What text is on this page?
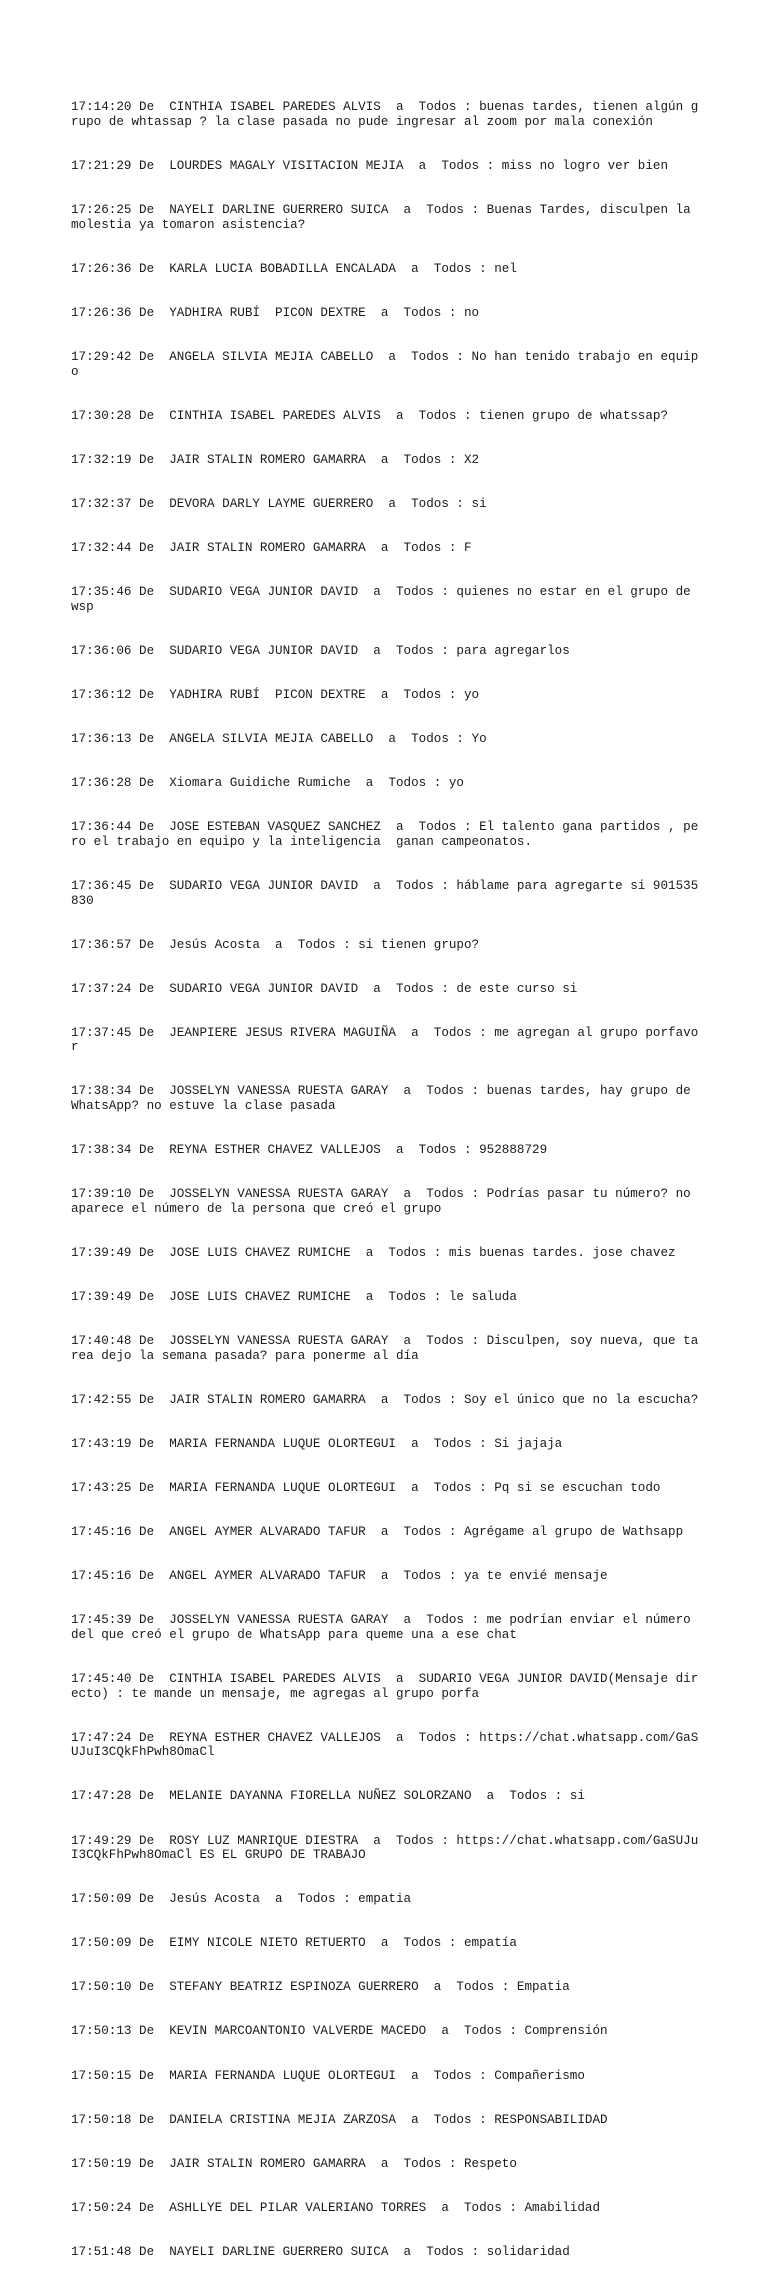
17:14:20 De  CINTHIA ISABEL PAREDES ALVIS  a  Todos : buenas tardes, tienen algún grupo de whtassap ? la clase pasada no pude ingresar al zoom por mala conexión

17:21:29 De  LOURDES MAGALY VISITACION MEJIA  a  Todos : miss no logro ver bien

17:26:25 De  NAYELI DARLINE GUERRERO SUICA  a  Todos : Buenas Tardes, disculpen la molestia ya tomaron asistencia?

17:26:36 De  KARLA LUCIA BOBADILLA ENCALADA  a  Todos : nel

17:26:36 De  YADHIRA RUBÍ  PICON DEXTRE  a  Todos : no

17:29:42 De  ANGELA SILVIA MEJIA CABELLO  a  Todos : No han tenido trabajo en equipo

17:30:28 De  CINTHIA ISABEL PAREDES ALVIS  a  Todos : tienen grupo de whatssap?

17:32:19 De  JAIR STALIN ROMERO GAMARRA  a  Todos : X2

17:32:37 De  DEVORA DARLY LAYME GUERRERO  a  Todos : si

17:32:44 De  JAIR STALIN ROMERO GAMARRA  a  Todos : F

17:35:46 De  SUDARIO VEGA JUNIOR DAVID  a  Todos : quienes no estar en el grupo de wsp

17:36:06 De  SUDARIO VEGA JUNIOR DAVID  a  Todos : para agregarlos

17:36:12 De  YADHIRA RUBÍ  PICON DEXTRE  a  Todos : yo

17:36:13 De  ANGELA SILVIA MEJIA CABELLO  a  Todos : Yo

17:36:28 De  Xiomara Guidiche Rumiche  a  Todos : yo

17:36:44 De  JOSE ESTEBAN VASQUEZ SANCHEZ  a  Todos : El talento gana partidos , pero el trabajo en equipo y la inteligencia  ganan campeonatos.

17:36:45 De  SUDARIO VEGA JUNIOR DAVID  a  Todos : háblame para agregarte si 901535830

17:36:57 De  Jesús Acosta  a  Todos : si tienen grupo?

17:37:24 De  SUDARIO VEGA JUNIOR DAVID  a  Todos : de este curso si

17:37:45 De  JEANPIERE JESUS RIVERA MAGUIÑA  a  Todos : me agregan al grupo porfavor

17:38:34 De  JOSSELYN VANESSA RUESTA GARAY  a  Todos : buenas tardes, hay grupo de WhatsApp? no estuve la clase pasada

17:38:34 De  REYNA ESTHER CHAVEZ VALLEJOS  a  Todos : 952888729

17:39:10 De  JOSSELYN VANESSA RUESTA GARAY  a  Todos : Podrías pasar tu número? no aparece el número de la persona que creó el grupo

17:39:49 De  JOSE LUIS CHAVEZ RUMICHE  a  Todos : mis buenas tardes. jose chavez

17:39:49 De  JOSE LUIS CHAVEZ RUMICHE  a  Todos : le saluda

17:40:48 De  JOSSELYN VANESSA RUESTA GARAY  a  Todos : Disculpen, soy nueva, que tarea dejo la semana pasada? para ponerme al día

17:42:55 De  JAIR STALIN ROMERO GAMARRA  a  Todos : Soy el único que no la escucha?

17:43:19 De  MARIA FERNANDA LUQUE OLORTEGUI  a  Todos : Si jajaja

17:43:25 De  MARIA FERNANDA LUQUE OLORTEGUI  a  Todos : Pq si se escuchan todo

17:45:16 De  ANGEL AYMER ALVARADO TAFUR  a  Todos : Agrégame al grupo de Wathsapp

17:45:16 De  ANGEL AYMER ALVARADO TAFUR  a  Todos : ya te envié mensaje

17:45:39 De  JOSSELYN VANESSA RUESTA GARAY  a  Todos : me podrían enviar el número del que creó el grupo de WhatsApp para queme una a ese chat

17:45:40 De  CINTHIA ISABEL PAREDES ALVIS  a  SUDARIO VEGA JUNIOR DAVID(Mensaje directo) : te mande un mensaje, me agregas al grupo porfa

17:47:24 De  REYNA ESTHER CHAVEZ VALLEJOS  a  Todos : https://chat.whatsapp.com/GaSUJuI3CQkFhPwh8OmaCl

17:47:28 De  MELANIE DAYANNA FIORELLA NUÑEZ SOLORZANO  a  Todos : si

17:49:29 De  ROSY LUZ MANRIQUE DIESTRA  a  Todos : https://chat.whatsapp.com/GaSUJuI3CQkFhPwh8OmaCl ES EL GRUPO DE TRABAJO

17:50:09 De  Jesús Acosta  a  Todos : empatia

17:50:09 De  EIMY NICOLE NIETO RETUERTO  a  Todos : empatía

17:50:10 De  STEFANY BEATRIZ ESPINOZA GUERRERO  a  Todos : Empatia

17:50:13 De  KEVIN MARCOANTONIO VALVERDE MACEDO  a  Todos : Comprensión

17:50:15 De  MARIA FERNANDA LUQUE OLORTEGUI  a  Todos : Compañerismo

17:50:18 De  DANIELA CRISTINA MEJIA ZARZOSA  a  Todos : RESPONSABILIDAD

17:50:19 De  JAIR STALIN ROMERO GAMARRA  a  Todos : Respeto

17:50:24 De  ASHLLYE DEL PILAR VALERIANO TORRES  a  Todos : Amabilidad

17:51:48 De  NAYELI DARLINE GUERRERO SUICA  a  Todos : solidaridad
